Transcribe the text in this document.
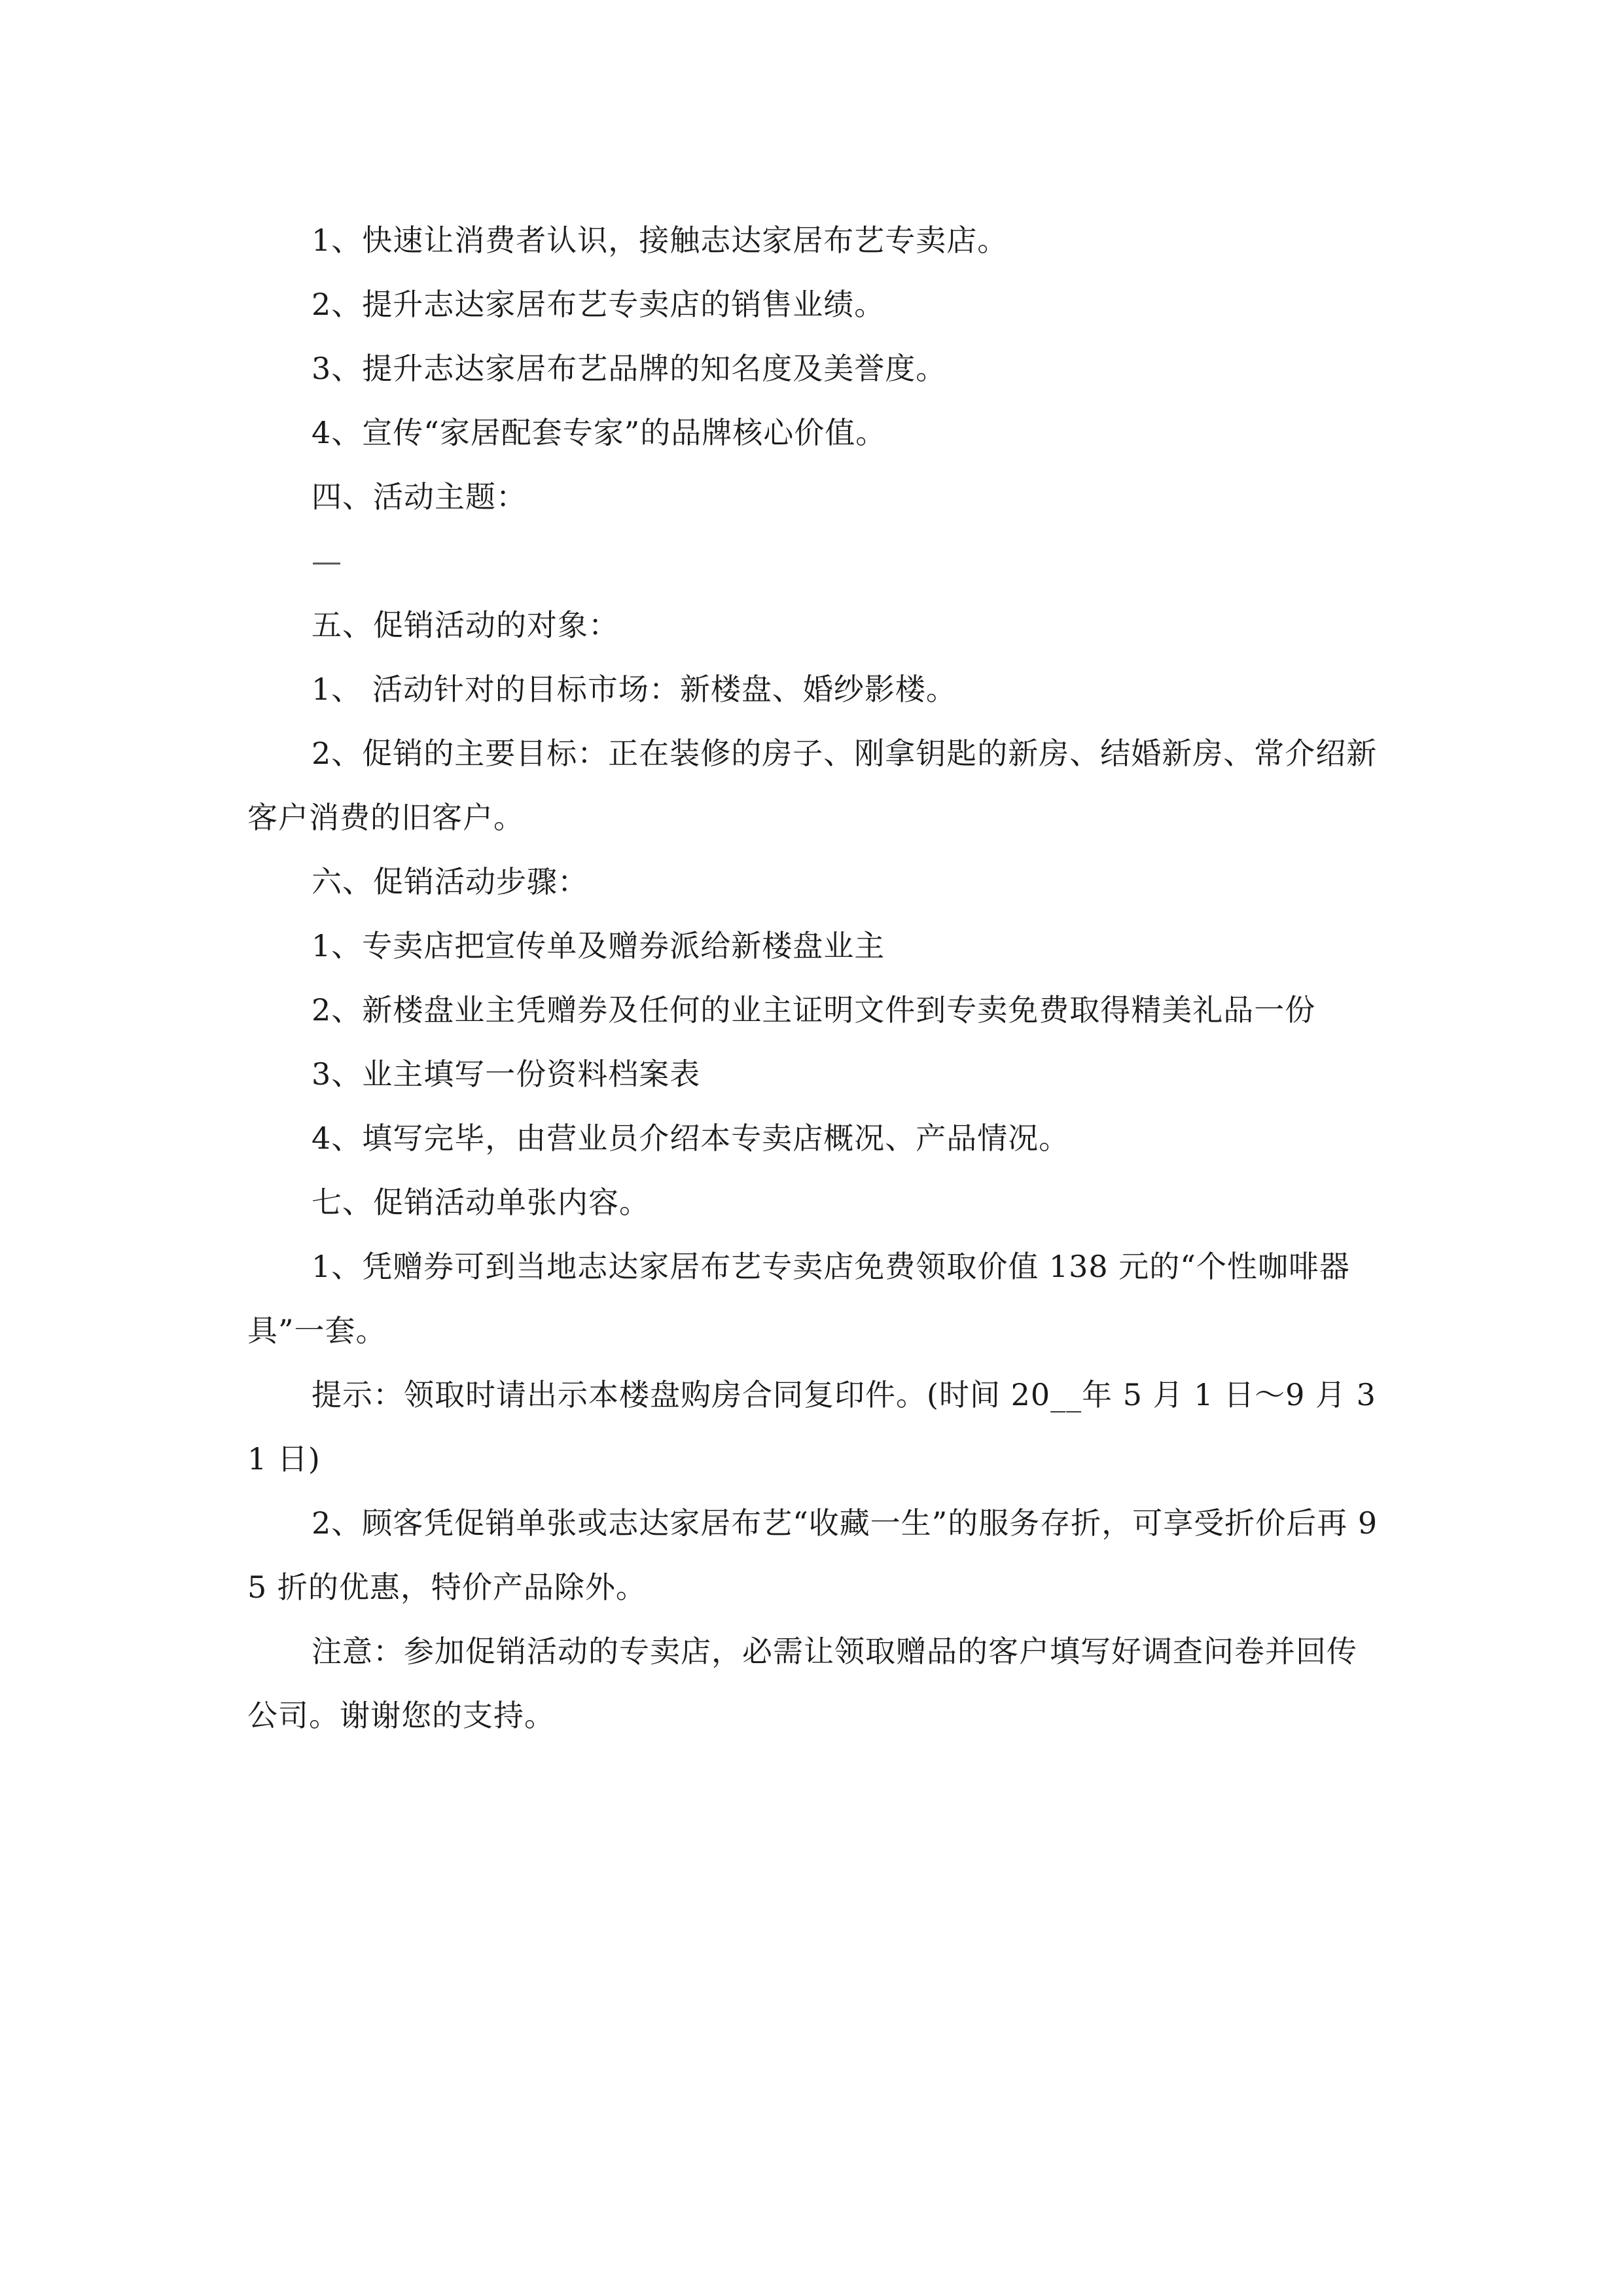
1、快速让消费者认识，接触志达家居布艺专卖店。

2、提升志达家居布艺专卖店的销售业绩。

3、提升志达家居布艺品牌的知名度及美誉度。

4、宣传“家居配套专家”的品牌核心价值。

四、活动主题：

—

五、促销活动的对象：

1、 活动针对的目标市场：新楼盘、婚纱影楼。

2、促销的主要目标：正在装修的房子、刚拿钥匙的新房、结婚新房、常介绍新客户消费的旧客户。

六、促销活动步骤：

1、专卖店把宣传单及赠券派给新楼盘业主

2、新楼盘业主凭赠券及任何的业主证明文件到专卖免费取得精美礼品一份

3、业主填写一份资料档案表

4、填写完毕，由营业员介绍本专卖店概况、产品情况。

七、促销活动单张内容。

1、凭赠券可到当地志达家居布艺专卖店免费领取价值 138 元的“个性咖啡器具”一套。

提示：领取时请出示本楼盘购房合同复印件。(时间 20__年 5 月 1 日～9 月 31 日)

2、顾客凭促销单张或志达家居布艺“收藏一生”的服务存折，可享受折价后再 95 折的优惠，特价产品除外。

注意：参加促销活动的专卖店，必需让领取赠品的客户填写好调查问卷并回传公司。谢谢您的支持。
